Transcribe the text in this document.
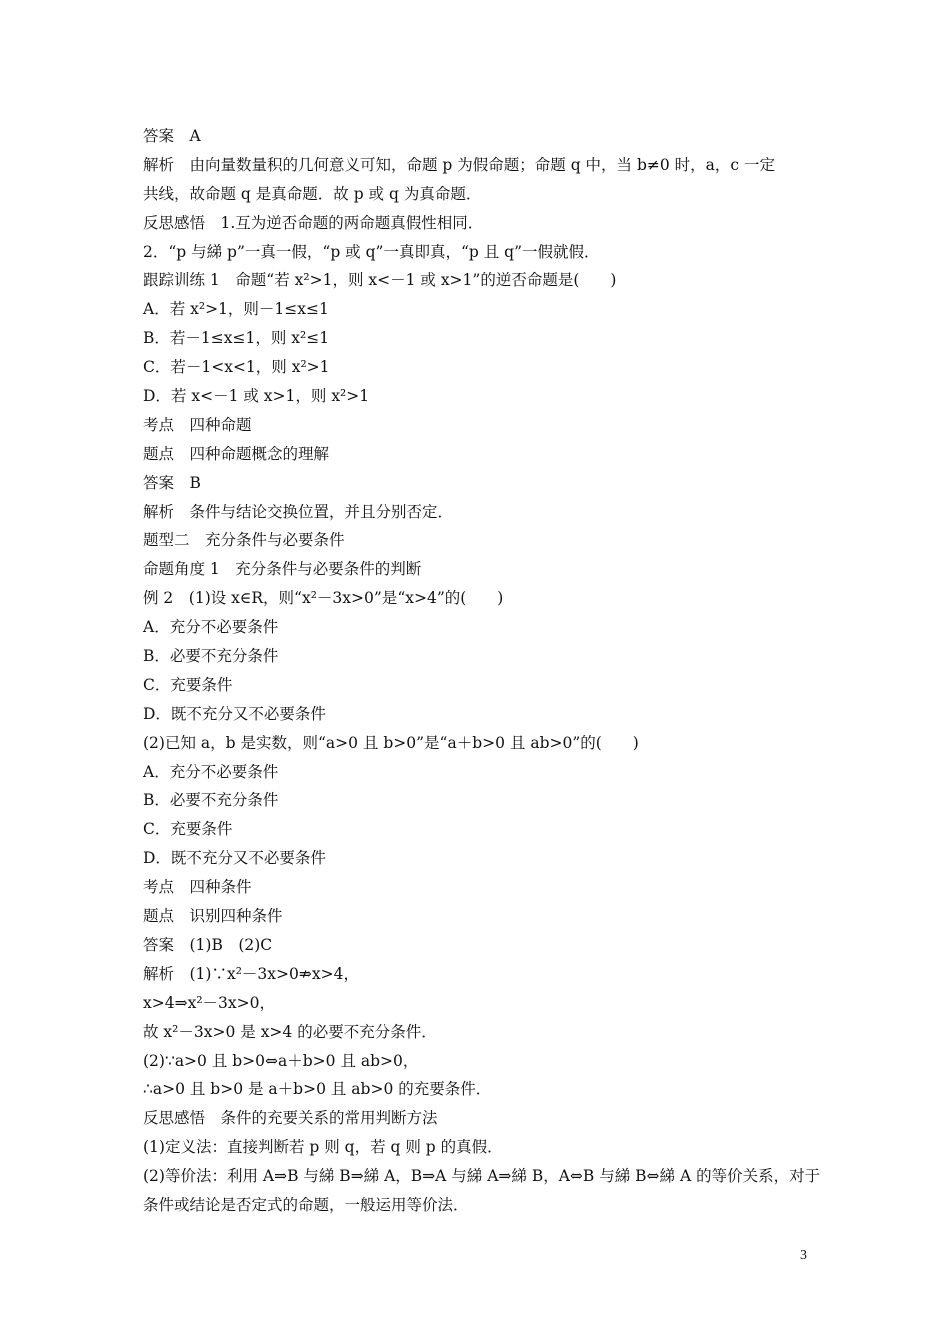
答案　A
解析　由向量数量积的几何意义可知，命题 p 为假命题；命题 q 中，当 b≠0 时，a，c 一定
共线，故命题 q 是真命题．故 p 或 q 为真命题．
反思感悟　1.互为逆否命题的两命题真假性相同．
2．“p 与綈 p”一真一假，“p 或 q”一真即真，“p 且 q”一假就假．
跟踪训练 1　命题“若 x²>1，则 x<－1 或 x>1”的逆否命题是(　　)
A．若 x²>1，则－1≤x≤1
B．若－1≤x≤1，则 x²≤1
C．若－1<x<1，则 x²>1
D．若 x<－1 或 x>1，则 x²>1
考点　四种命题
题点　四种命题概念的理解
答案　B
解析　条件与结论交换位置，并且分别否定．
题型二　充分条件与必要条件
命题角度 1　充分条件与必要条件的判断
例 2　(1)设 x∈R，则“x²－3x>0”是“x>4”的(　　)
A．充分不必要条件
B．必要不充分条件
C．充要条件
D．既不充分又不必要条件
(2)已知 a，b 是实数，则“a>0 且 b>0”是“a＋b>0 且 ab>0”的(　　)
A．充分不必要条件
B．必要不充分条件
C．充要条件
D．既不充分又不必要条件
考点　四种条件
题点　识别四种条件
答案　(1)B　(2)C
解析　(1)∵x²－3x>0⇏x>4，
x>4⇒x²－3x>0，
故 x²－3x>0 是 x>4 的必要不充分条件．
(2)∵a>0 且 b>0⇔a＋b>0 且 ab>0，
∴a>0 且 b>0 是 a＋b>0 且 ab>0 的充要条件．
反思感悟　条件的充要关系的常用判断方法
(1)定义法：直接判断若 p 则 q，若 q 则 p 的真假．
(2)等价法：利用 A⇒B 与綈 B⇒綈 A，B⇒A 与綈 A⇒綈 B，A⇔B 与綈 B⇔綈 A 的等价关系，对于
条件或结论是否定式的命题，一般运用等价法．
3
